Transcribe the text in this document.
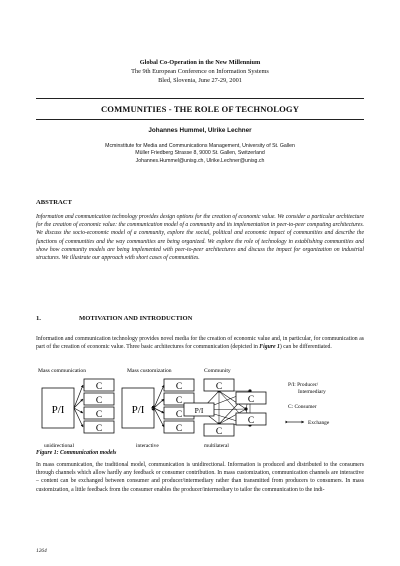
Global Co-Operation in the New Millennium
The 9th European Conference on Information Systems
Bled, Slovenia, June 27-29, 2001
COMMUNITIES - THE ROLE OF TECHNOLOGY
Johannes Hummel, Ulrike Lechner
Mcminstitute for Media and Communications Management, University of St. Gallen
Müller Friedberg Strasse 8, 9000 St. Gallen, Switzerland
Johannes.Hummel@unisg.ch, Ulrike.Lechner@unisg.ch
ABSTRACT
Information and communication technology provides design options for the creation of economic value. We consider a particular architecture for the creation of economic value: the communication model of a community and its implementation in peer-to-peer computing architectures. We discuss the socio-economic model of a community, explore the social, political and economic impact of communities and describe the functions of communities and the way communities are being organized. We explore the role of technology in establishing communities and show how community models are being implemented with peer-to-peer architectures and discuss the impact for organization on industrial structures. We illustrate our approach with short cases of communities.
1.	MOTIVATION AND INTRODUCTION
Information and communication technology provides novel media for the creation of economic value and, in particular, for communication as part of the creation of economic value. Three basic architectures for communication (depicted in Figure 1) can be differentiated.
Mass communication	Mass customization	Community
P/I
C
C
C
C
P/I
C
C
C
C
C
P/I
C
C
C
P/I: Producer/
Intermediary
C: Consumer
Exchange
unidirectional	interactive	multilateral
Figure 1: Communication models
In mass communication, the traditional model, communication is unidirectional. Information is produced and distributed to the consumers through channels which allow hardly any feedback or consumer contribution. In mass customization, communication channels are interactive – content can be exchanged between consumer and producer/intermediary rather than transmitted from producers to consumers. In mass customization, a little feedback from the consumer enables the producer/intermediary to tailor the communication to the indi-
1264
